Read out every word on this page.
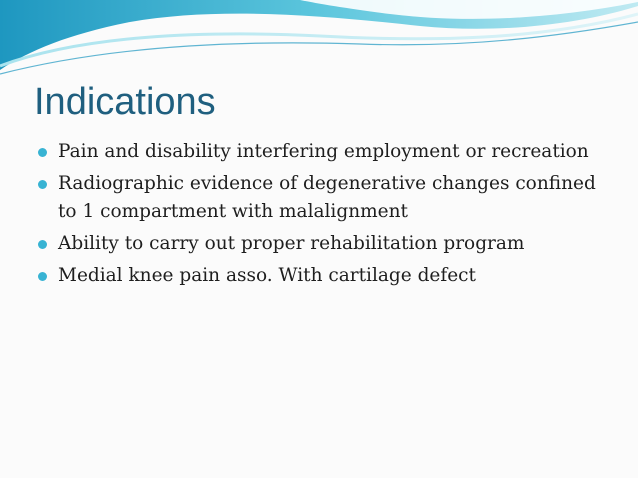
Indications
Pain and disability interfering employment or recreation
Radiographic evidence of degenerative changes confined to 1 compartment with malalignment
Ability to carry out proper rehabilitation program
Medial knee pain asso. With cartilage defect
